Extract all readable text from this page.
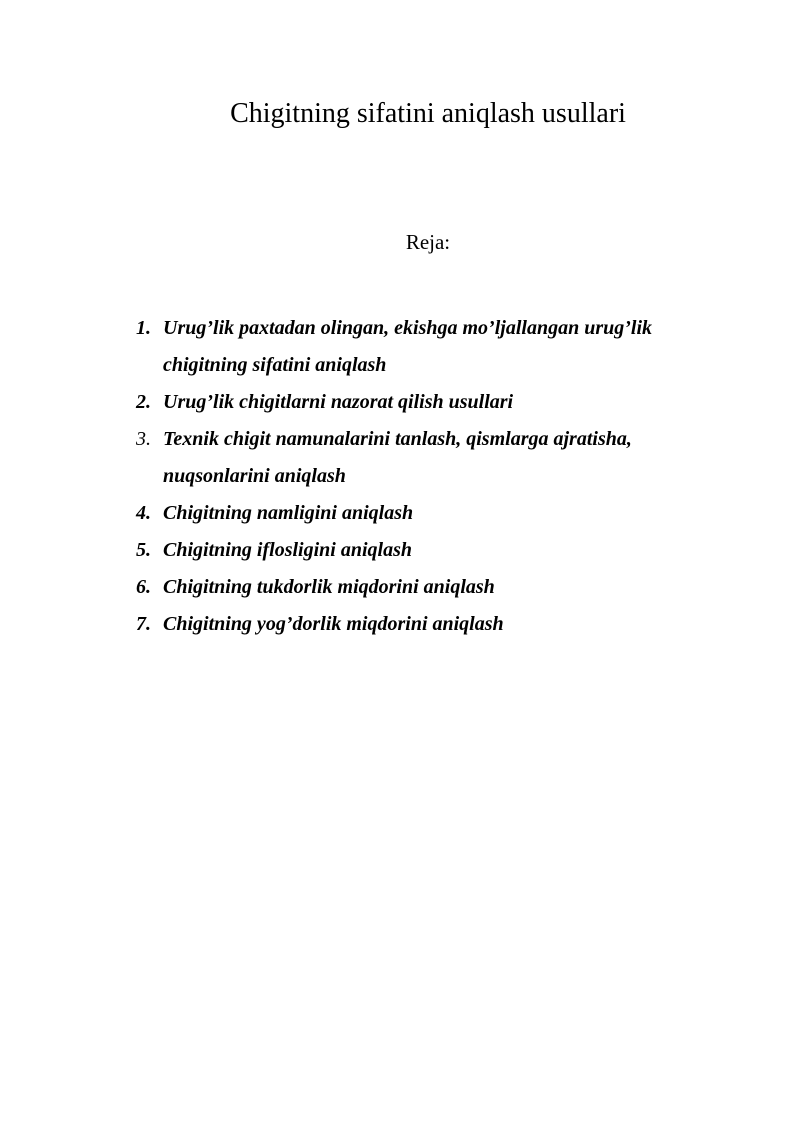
Chigitning sifatini aniqlash usullari
Reja:
1. Urug’lik paxtadan olingan, ekishga mo’ljallangan urug’lik chigitning sifatini aniqlash
2. Urug’lik chigitlarni nazorat qilish usullari
3. Texnik chigit namunalarini tanlash, qismlarga ajratisha, nuqsonlarini aniqlash
4. Chigitning namligini aniqlash
5. Chigitning iflosligini aniqlash
6. Chigitning tukdorlik miqdorini aniqlash
7. Chigitning yog’dorlik miqdorini aniqlash
